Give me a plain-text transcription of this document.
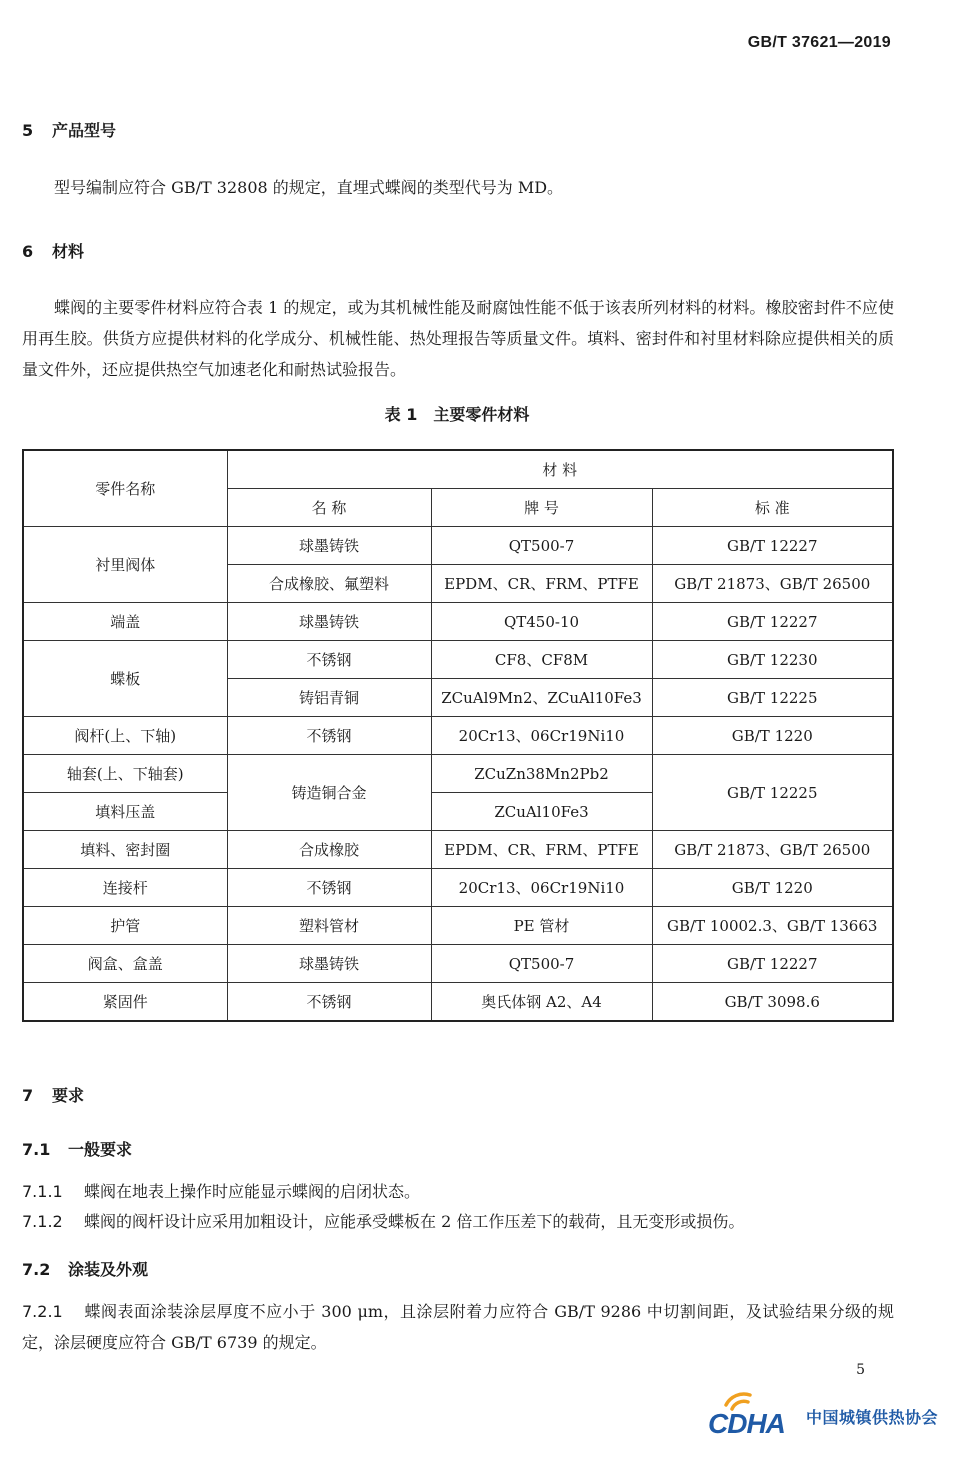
GB/T 37621—2019
5 产品型号
型号编制应符合 GB/T 32808 的规定，直埋式蝶阀的类型代号为 MD。
6 材料
蝶阀的主要零件材料应符合表 1 的规定，或为其机械性能及耐腐蚀性能不低于该表所列材料的材料。橡胶密封件不应使用再生胶。供货方应提供材料的化学成分、机械性能、热处理报告等质量文件。填料、密封件和衬里材料除应提供相关的质量文件外，还应提供热空气加速老化和耐热试验报告。
表 1　主要零件材料
零件名称	材 料		
	名 称	牌 号	标 准
衬里阀体	球墨铸铁	QT500-7	GB/T 12227
	合成橡胶、氟塑料	EPDM、CR、FRM、PTFE	GB/T 21873、GB/T 26500
端盖	球墨铸铁	QT450-10	GB/T 12227
蝶板	不锈钢	CF8、CF8M	GB/T 12230
	铸铝青铜	ZCuAl9Mn2、ZCuAl10Fe3	GB/T 12225
阀杆(上、下轴)	不锈钢	20Cr13、06Cr19Ni10	GB/T 1220
轴套(上、下轴套)	铸造铜合金	ZCuZn38Mn2Pb2	GB/T 12225
填料压盖		ZCuAl10Fe3	
填料、密封圈	合成橡胶	EPDM、CR、FRM、PTFE	GB/T 21873、GB/T 26500
连接杆	不锈钢	20Cr13、06Cr19Ni10	GB/T 1220
护管	塑料管材	PE 管材	GB/T 10002.3、GB/T 13663
阀盒、盒盖	球墨铸铁	QT500-7	GB/T 12227
紧固件	不锈钢	奥氏体钢 A2、A4	GB/T 3098.6
7 要求
7.1 一般要求
7.1.1 蝶阀在地表上操作时应能显示蝶阀的启闭状态。
7.1.2 蝶阀的阀杆设计应采用加粗设计，应能承受蝶板在 2 倍工作压差下的载荷，且无变形或损伤。
7.2 涂装及外观
7.2.1 蝶阀表面涂装涂层厚度不应小于 300 μm，且涂层附着力应符合 GB/T 9286 中切割间距，及试验结果分级的规定，涂层硬度应符合 GB/T 6739 的规定。
5
CDHA 中国城镇供热协会
